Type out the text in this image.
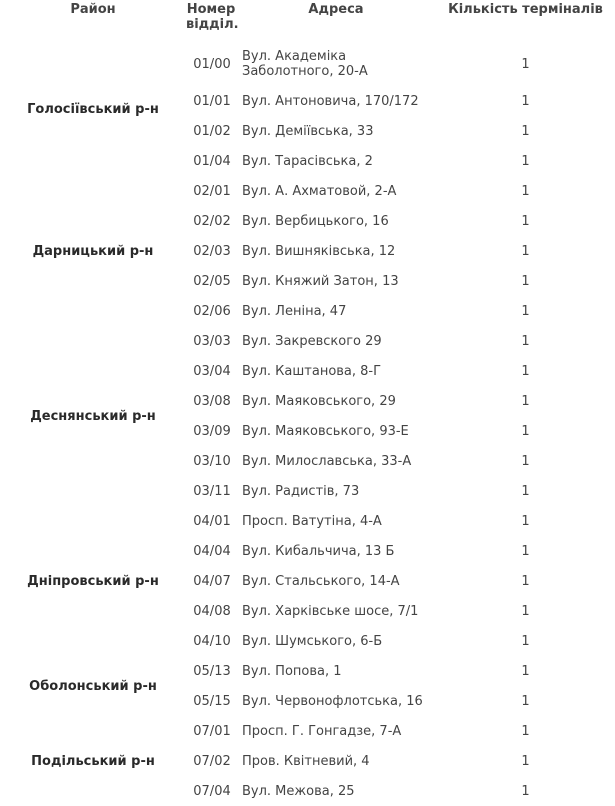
Район	Номер відділ.	Адреса	Кількість терміналів
Голосіївський р-н	01/00	Вул. Академіка Заболотного, 20-А	1
	01/01	Вул. Антоновича, 170/172	1
	01/02	Вул. Деміївська, 33	1
	01/04	Вул. Тарасівська, 2	1
Дарницький р-н	02/01	Вул. А. Ахматовой, 2-А	1
	02/02	Вул. Вербицького, 16	1
	02/03	Вул. Вишняківська, 12	1
	02/05	Вул. Княжий Затон, 13	1
	02/06	Вул. Леніна, 47	1
Деснянський р-н	03/03	Вул. Закревского 29	1
	03/04	Вул. Каштанова, 8-Г	1
	03/08	Вул. Маяковського, 29	1
	03/09	Вул. Маяковського, 93-Е	1
	03/10	Вул. Милославська, 33-А	1
	03/11	Вул. Радистів, 73	1
Дніпровський р-н	04/01	Просп. Ватутіна, 4-А	1
	04/04	Вул. Кибальчича, 13 Б	1
	04/07	Вул. Стальського, 14-А	1
	04/08	Вул. Харківське шосе, 7/1	1
	04/10	Вул. Шумського, 6-Б	1
Оболонський р-н	05/13	Вул. Попова, 1	1
	05/15	Вул. Червонофлотська, 16	1
Подільський р-н	07/01	Просп. Г. Гонгадзе, 7-А	1
	07/02	Пров. Квітневий, 4	1
	07/04	Вул. Межова, 25	1
